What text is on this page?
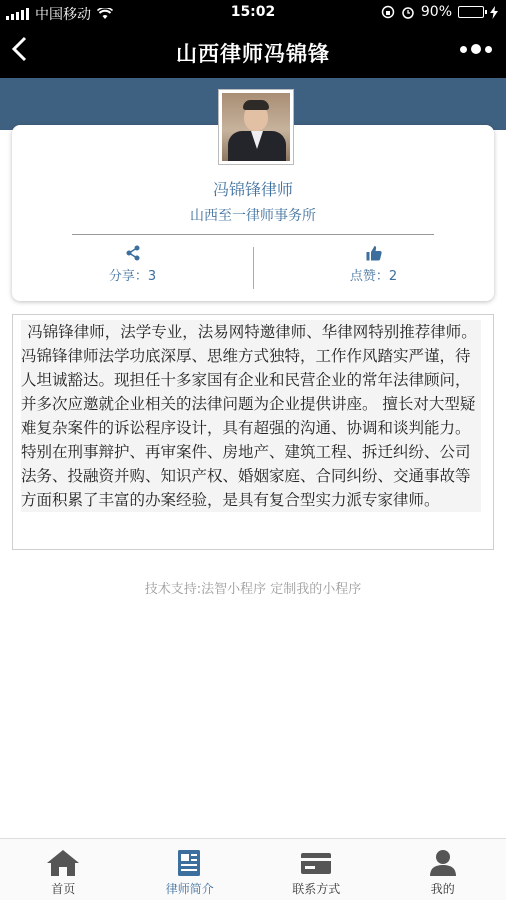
中国移动	15:02	90%
山西律师冯锦锋
冯锦锋律师
山西至一律师事务所
分享：3	点赞：2

冯锦锋律师，法学专业，法易网特邀律师、华律网特别推荐律师。冯锦锋律师法学功底深厚、思维方式独特，工作作风踏实严谨，待人坦诚豁达。现担任十多家国有企业和民营企业的常年法律顾问，并多次应邀就企业相关的法律问题为企业提供讲座。 擅长对大型疑难复杂案件的诉讼程序设计，具有超强的沟通、协调和谈判能力。特别在刑事辩护、再审案件、房地产、建筑工程、拆迁纠纷、公司法务、投融资并购、知识产权、婚姻家庭、合同纠纷、交通事故等方面积累了丰富的办案经验，是具有复合型实力派专家律师。

技术支持:法智小程序 定制我的小程序
首页	律师简介	联系方式	我的
